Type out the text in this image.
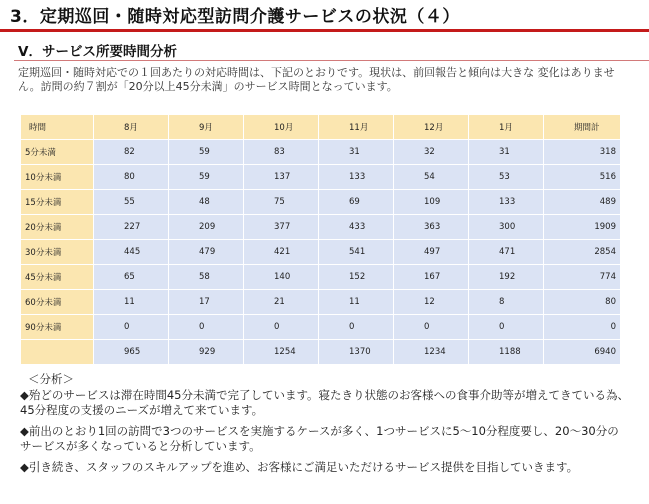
3．定期巡回・随時対応型訪問介護サービスの状況（４）
Ⅴ．サービス所要時間分析
定期巡回・随時対応での１回あたりの対応時間は、下記のとおりです。現状は、前回報告と傾向は大きな 変化はありません。訪問の約７割が「20分以上45分未満」のサービス時間となっています。
時間	8月	9月	10月	11月	12月	1月	期間計
5分未満	82	59	83	31	32	31	318
10分未満	80	59	137	133	54	53	516
15分未満	55	48	75	69	109	133	489
20分未満	227	209	377	433	363	300	1909
30分未満	445	479	421	541	497	471	2854
45分未満	65	58	140	152	167	192	774
60分未満	11	17	21	11	12	8	80
90分未満	0	0	0	0	0	0	0
	965	929	1254	1370	1234	1188	6940

＜分析＞

◆殆どのサービスは滞在時間45分未満で完了しています。寝たきり状態のお客様への食事介助等が増えてきている為、45分程度の支援のニーズが増えて来ています。

◆前出のとおり1回の訪問で3つのサービスを実施するケースが多く、1つサービスに5～10分程度要し、20～30分のサービスが多くなっていると分析しています。

◆引き続き、スタッフのスキルアップを進め、お客様にご満足いただけるサービス提供を目指していきます。
